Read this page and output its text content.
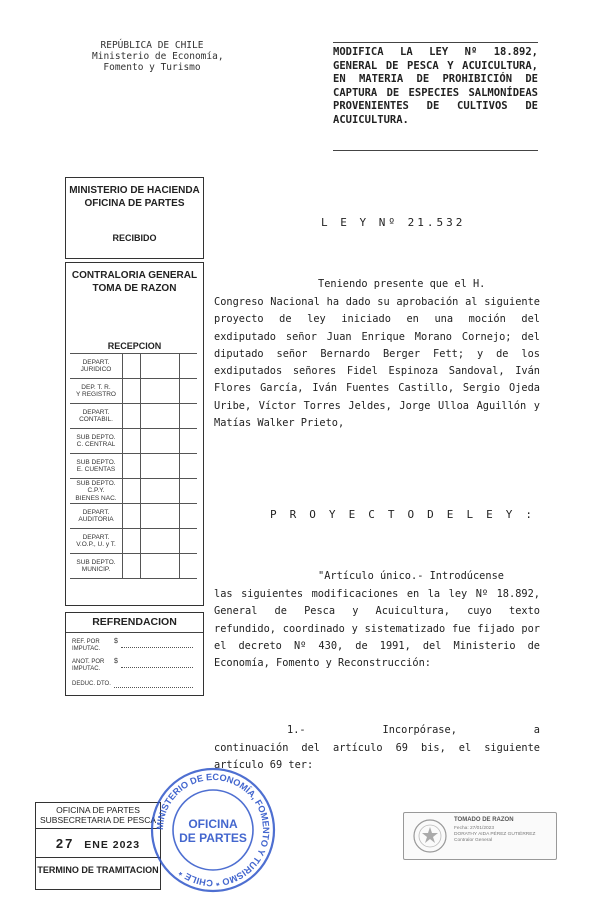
REPÚBLICA DE CHILE
Ministerio de Economía,
Fomento y Turismo
MODIFICA LA LEY Nº 18.892, GENERAL DE PESCA Y ACUICULTURA, EN MATERIA DE PROHIBICIÓN DE CAPTURA DE ESPECIES SALMONÍDEAS PROVENIENTES DE CULTIVOS DE ACUICULTURA.
MINISTERIO DE HACIENDA
OFICINA DE PARTES
RECIBIDO
CONTRALORIA GENERAL
TOMA DE RAZON
RECEPCION
DEPART.
JURIDICO
DEP. T. R.
Y REGISTRO
DEPART.
CONTABIL.
SUB DEPTO.
C. CENTRAL
SUB DEPTO.
E. CUENTAS
SUB DEPTO.
C.P.Y.
BIENES NAC.
DEPART.
AUDITORIA
DEPART.
V.O.P., U. y T.
SUB DEPTO.
MUNICIP.
REFRENDACION
REF. POR
IMPUTAC.
$
ANOT. POR
IMPUTAC.
$
DEDUC. DTO.
L E Y Nº 21.532
Teniendo presente que el H.
Congreso Nacional ha dado su aprobación al siguiente proyecto de ley iniciado en una moción del exdiputado señor Juan Enrique Morano Cornejo; del diputado señor Bernardo Berger Fett; y de los exdiputados señores Fidel Espinoza Sandoval, Iván Flores García, Iván Fuentes Castillo, Sergio Ojeda Uribe, Víctor Torres Jeldes, Jorge Ulloa Aguillón y Matías Walker Prieto,
P R O Y E C T O D E L E Y :
"Artículo único.- Introdúcense
las siguientes modificaciones en la ley Nº 18.892, General de Pesca y Acuicultura, cuyo texto refundido, coordinado y sistematizado fue fijado por el decreto Nº 430, de 1991, del Ministerio de Economía, Fomento y Reconstrucción:
1.- Incorpórase, a
continuación del artículo 69 bis, el siguiente artículo 69 ter:
OFICINA DE PARTES
SUBSECRETARIA DE PESCA
27 ENE 2023
TERMINO DE TRAMITACION
MINISTERIO DE ECONOMÍA, FOMENTO Y TURISMO * CHILE *
OFICINA
DE PARTES
TOMADO DE RAZON
Fecha: 27/01/2023
DORATHY AIDA PÉREZ GUTIÉRREZ
Contralor General
